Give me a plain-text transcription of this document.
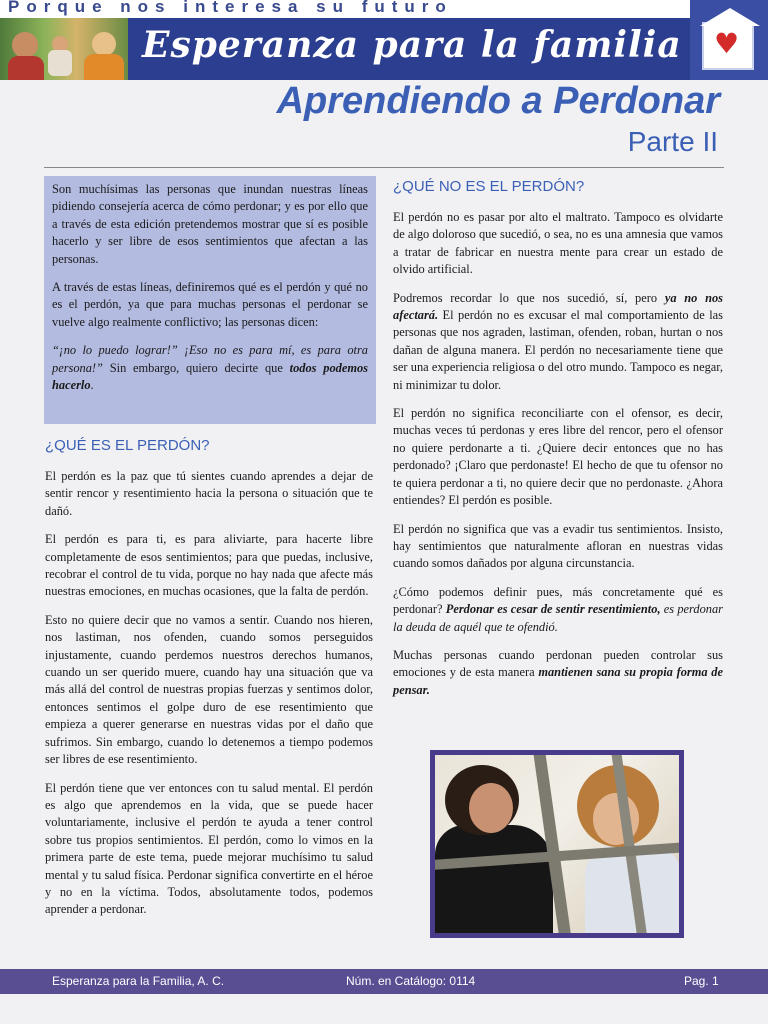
Porque nos interesa su futuro
Esperanza para la familia ♥
Aprendiendo a Perdonar
Parte II

Son muchísimas las personas que inundan nuestras líneas pidiendo consejería acerca de cómo perdonar; y es por ello que a través de esta edición pretendemos mostrar que sí es posible hacerlo y ser libre de esos sentimientos que afectan a las personas.

A través de estas líneas, definiremos qué es el perdón y qué no es el perdón, ya que para muchas personas el perdonar se vuelve algo realmente conflictivo; las personas dicen:

“¡no lo puedo lograr!” ¡Eso no es para mí, es para otra persona!” Sin embargo, quiero decirte que todos podemos hacerlo.

¿QUÉ ES EL PERDÓN?

El perdón es la paz que tú sientes cuando aprendes a dejar de sentir rencor y resentimiento hacia la persona o situación que te dañó.

El perdón es para ti, es para aliviarte, para hacerte libre completamente de esos sentimientos; para que puedas, inclusive, recobrar el control de tu vida, porque no hay nada que afecte más nuestras emociones, en muchas ocasiones, que la falta de perdón.

Esto no quiere decir que no vamos a sentir. Cuando nos hieren, nos lastiman, nos ofenden, cuando somos perseguidos injustamente, cuando perdemos nuestros derechos humanos, cuando un ser querido muere, cuando hay una situación que va más allá del control de nuestras propias fuerzas y sentimos dolor, entonces sentimos el golpe duro de ese resentimiento que empieza a querer generarse en nuestras vidas por el daño que sufrimos. Sin embargo, cuando lo detenemos a tiempo podemos ser libres de ese resentimiento.

El perdón tiene que ver entonces con tu salud mental. El perdón es algo que aprendemos en la vida, que se puede hacer voluntariamente, inclusive el perdón te ayuda a tener control sobre tus propios sentimientos. El perdón, como lo vimos en la primera parte de este tema, puede mejorar muchísimo tu salud mental y tu salud física. Perdonar significa convertirte en el héroe y no en la víctima. Todos, absolutamente todos, podemos aprender a perdonar.

¿QUÉ NO ES EL PERDÓN?

El perdón no es pasar por alto el maltrato. Tampoco es olvidarte de algo doloroso que sucedió, o sea, no es una amnesia que vamos a tratar de fabricar en nuestra mente para crear un estado de olvido artificial.

Podremos recordar lo que nos sucedió, sí, pero ya no nos afectará. El perdón no es excusar el mal comportamiento de las personas que nos agraden, lastiman, ofenden, roban, hurtan o nos dañan de alguna manera. El perdón no necesariamente tiene que ser una experiencia religiosa o del otro mundo. Tampoco es negar, ni minimizar tu dolor.

El perdón no significa reconciliarte con el ofensor, es decir, muchas veces tú perdonas y eres libre del rencor, pero el ofensor no quiere perdonarte a ti. ¿Quiere decir entonces que no has perdonado? ¡Claro que perdonaste! El hecho de que tu ofensor no te quiera perdonar a ti, no quiere decir que no perdonaste. ¿Ahora entiendes? El perdón es posible.

El perdón no significa que vas a evadir tus sentimientos. Insisto, hay sentimientos que naturalmente afloran en nuestras vidas cuando somos dañados por alguna circunstancia.

¿Cómo podemos definir pues, más concretamente qué es perdonar? Perdonar es cesar de sentir resentimiento, es perdonar la deuda de aquél que te ofendió.

Muchas personas cuando perdonan pueden controlar sus emociones y de esta manera mantienen sana su propia forma de pensar.

Esperanza para la Familia, A. C.	Núm. en Catálogo: 0114	Pag. 1
